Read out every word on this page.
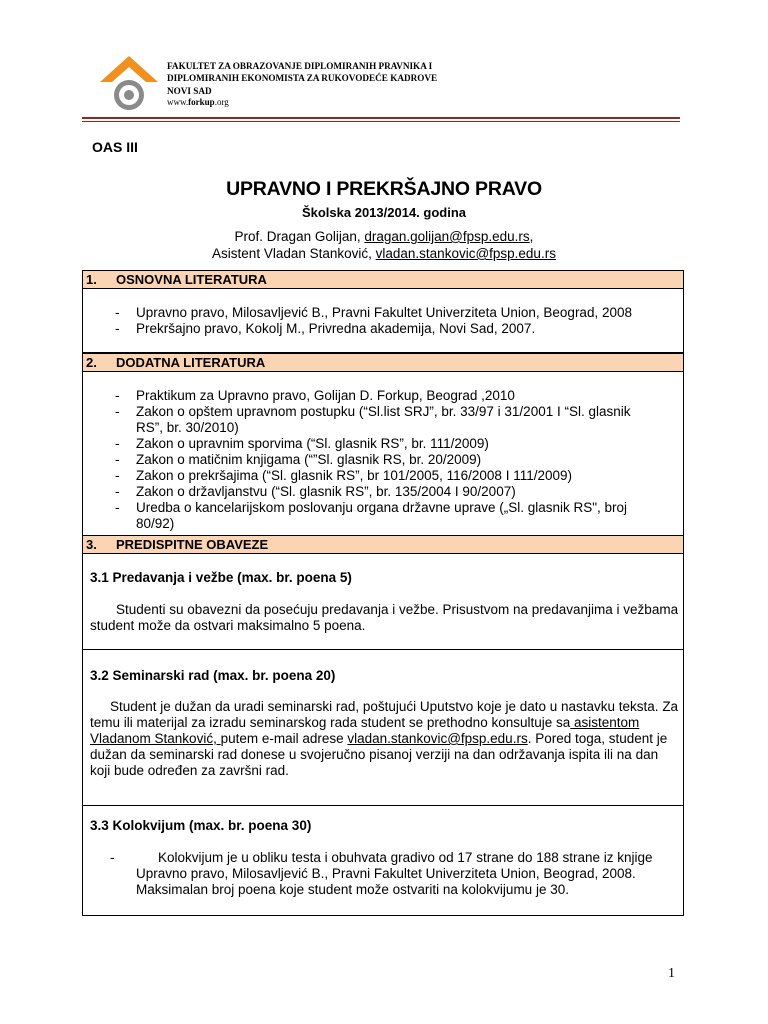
FAKULTET ZA OBRAZOVANJE DIPLOMIRANIH PRAVNIKA I
DIPLOMIRANIH EKONOMISTA ZA RUKOVODEĆE KADROVE
NOVI SAD
www.forkup.org
OAS III
UPRAVNO I PREKRŠAJNO PRAVO
Školska 2013/2014. godina
Prof. Dragan Golijan, dragan.golijan@fpsp.edu.rs,
Asistent Vladan Stanković, vladan.stankovic@fpsp.edu.rs
1. OSNOVNA LITERATURA
- Upravno pravo, Milosavljević B., Pravni Fakultet Univerziteta Union, Beograd, 2008
- Prekršajno pravo, Kokolj M., Privredna akademija, Novi Sad, 2007.
2. DODATNA LITERATURA
- Praktikum za Upravno pravo, Golijan D. Forkup, Beograd ,2010
- Zakon o opštem upravnom postupku (“Sl.list SRJ”, br. 33/97 i 31/2001 I “Sl. glasnik RS”, br. 30/2010)
- Zakon o upravnim sporvima (“Sl. glasnik RS”, br. 111/2009)
- Zakon o matičnim knjigama (“”Sl. glasnik RS, br. 20/2009)
- Zakon o prekršajima (“Sl. glasnik RS”, br 101/2005, 116/2008 I 111/2009)
- Zakon o državljanstvu (“Sl. glasnik RS”, br. 135/2004 I 90/2007)
- Uredba o kancelarijskom poslovanju organa državne uprave („Sl. glasnik RS", broj 80/92)
3. PREDISPITNE OBAVEZE
3.1 Predavanja i vežbe (max. br. poena 5)
Studenti su obavezni da posećuju predavanja i vežbe. Prisustvom na predavanjima i vežbama student može da ostvari maksimalno 5 poena.
3.2 Seminarski rad (max. br. poena 20)
Student je dužan da uradi seminarski rad, poštujući Uputstvo koje je dato u nastavku teksta. Za temu ili materijal za izradu seminarskog rada student se prethodno konsultuje sa asistentom Vladanom Stanković, putem e-mail adrese vladan.stankovic@fpsp.edu.rs. Pored toga, student je dužan da seminarski rad donese u svojeručno pisanoj verziji na dan održavanja ispita ili na dan koji bude određen za završni rad.
3.3 Kolokvijum (max. br. poena 30)
-	Kolokvijum je u obliku testa i obuhvata gradivo od 17 strane do 188 strane iz knjige Upravno pravo, Milosavljević B., Pravni Fakultet Univerziteta Union, Beograd, 2008. Maksimalan broj poena koje student može ostvariti na kolokvijumu je 30.
1
